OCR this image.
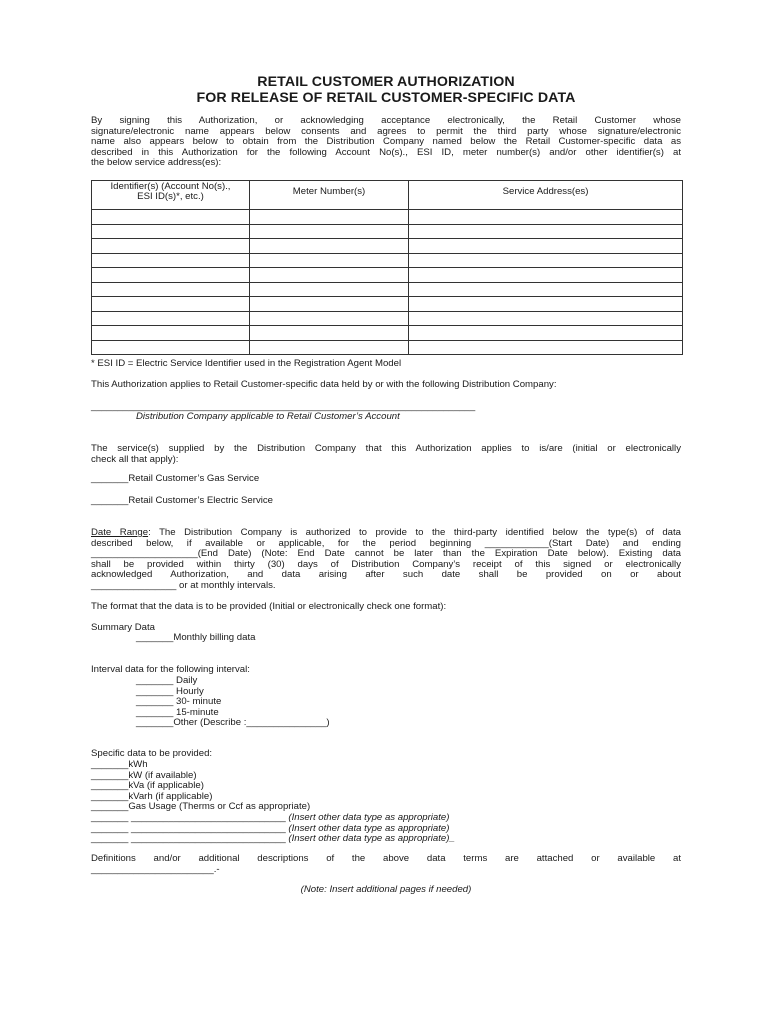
RETAIL CUSTOMER AUTHORIZATION
FOR RELEASE OF RETAIL CUSTOMER-SPECIFIC DATA
By signing this Authorization, or acknowledging acceptance electronically, the Retail Customer whose
signature/electronic name appears below consents and agrees to permit the third party whose signature/electronic
name also appears below to obtain from the Distribution Company named below the Retail Customer-specific data as
described in this Authorization for the following Account No(s)., ESI ID, meter number(s) and/or other identifier(s) at
the below service address(es):
Identifier(s) (Account No(s).,
ESI ID(s)*, etc.)	Meter Number(s)	Service Address(es)

* ESI ID = Electric Service Identifier used in the Registration Agent Model
This Authorization applies to Retail Customer-specific data held by or with the following Distribution Company:
________________________________________________________________________
Distribution Company applicable to Retail Customer’s Account
The service(s) supplied by the Distribution Company that this Authorization applies to is/are (initial or electronically
check all that apply):
_______Retail Customer’s Gas Service
_______Retail Customer’s Electric Service
Date Range: The Distribution Company is authorized to provide to the third-party identified below the type(s) of data
described below, if available or applicable, for the period beginning ____________(Start Date) and ending
____________________(End Date) (Note: End Date cannot be later than the Expiration Date below). Existing data
shall be provided within thirty (30) days of Distribution Company’s receipt of this signed or electronically
acknowledged Authorization, and data arising after such date shall be provided on or about
________________ or at monthly intervals.
The format that the data is to be provided (Initial or electronically check one format):
Summary Data
_______Monthly billing data
Interval data for the following interval:
_______ Daily
_______ Hourly
_______ 30- minute
_______ 15-minute
_______Other (Describe :_______________)
Specific data to be provided:
_______kWh
_______kW (if available)
_______kVa (if applicable)
_______kVarh (if applicable)
_______Gas Usage (Therms or Ccf as appropriate)
_______ _____________________________ (Insert other data type as appropriate)
_______ _____________________________ (Insert other data type as appropriate)
_______ _____________________________ (Insert other data type as appropriate)_
Definitions and/or additional descriptions of the above data terms are attached or available at
_______________________.-
(Note: Insert additional pages if needed)
